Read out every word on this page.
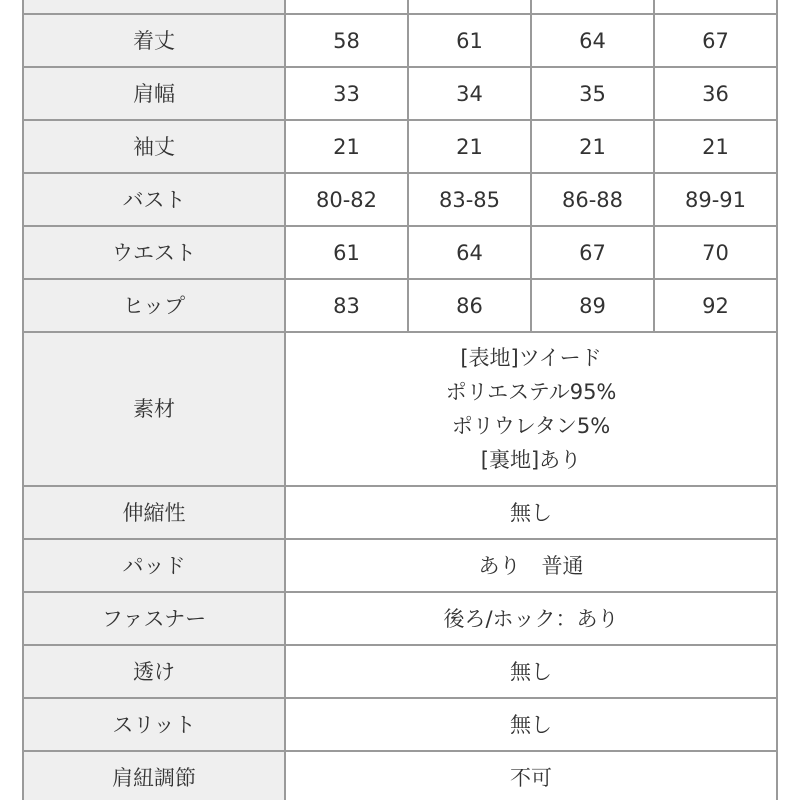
着丈	58	61	64	67
肩幅	33	34	35	36
袖丈	21	21	21	21
バスト	80-82	83-85	86-88	89-91
ウエスト	61	64	67	70
ヒップ	83	86	89	92
素材	[表地]ツイード
ポリエステル95%
ポリウレタン5%
[裏地]あり			

伸縮性	無し			
パッド	あり　普通			
ファスナー	後ろ/ホック：あり			
透け	無し			
スリット	無し			
肩紐調節	不可			
